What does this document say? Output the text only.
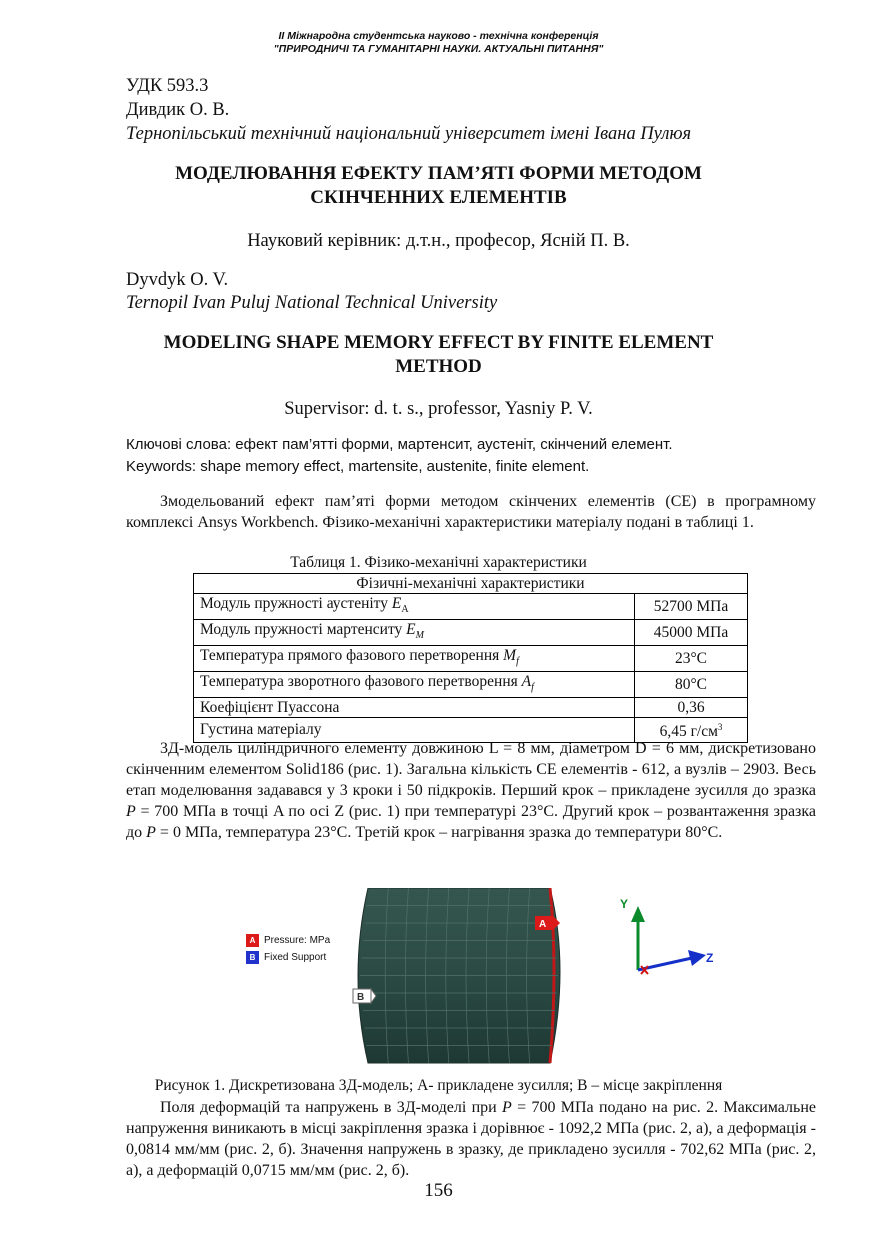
II Міжнародна студентська науково - технічна конференція
"ПРИРОДНИЧІ ТА ГУМАНІТАРНІ НАУКИ. АКТУАЛЬНІ ПИТАННЯ"
УДК 593.3
Дивдик О. В.
Тернопільський технічний національний університет імені Івана Пулюя
МОДЕЛЮВАННЯ ЕФЕКТУ ПАМ’ЯТІ ФОРМИ МЕТОДОМ
СКІНЧЕННИХ ЕЛЕМЕНТІВ
Науковий керівник: д.т.н., професор, Ясній П. В.
Dyvdyk O. V.
Ternopil Ivan Puluj National Technical University
MODELING SHAPE MEMORY EFFECT BY FINITE ELEMENT
METHOD
Supervisor: d. t. s., professor, Yasniy P. V.
Ключові слова: ефект пам’ятті форми, мартенсит, аустеніт, скінчений елемент.
Keywords: shape memory effect, martensite, austenite, finite element.

Змодельований ефект пам’яті форми методом скінчених елементів (СЕ) в програмному комплексі Ansys Workbench. Фізико-механічні характеристики матеріалу подані в таблиці 1.

Таблиця 1. Фізико-механічні характеристики
Фізичні-механічні характеристики	
Модуль пружності аустеніту $E_A$	52700 МПа
Модуль пружності мартенситу $E_M$	45000 МПа
Температура прямого фазового перетворення $M_f$	23°C
Температура зворотного фазового перетворення $A_f$	80°C
Коефіцієнт Пуассона	0,36
Густина матеріалу	6,45 $г/см^3$

3Д-модель циліндричного елементу довжиною L = 8 мм, діаметром D = 6 мм, дискретизовано скінченним елементом Solid186 (рис. 1). Загальна кількість СЕ елементів - 612, а вузлів – 2903. Весь етап моделювання задавався у 3 кроки і 50 підкроків. Перший крок – прикладене зусилля до зразка P = 700 МПа в точці A по осі Z (рис. 1) при температурі 23°C. Другий крок – розвантаження зразка до P = 0 МПа, температура 23°C. Третій крок – нагрівання зразка до температури 80°C.

A Pressure: MPa
B Fixed Support
A
B
Y
Z
Рисунок 1. Дискретизована 3Д-модель; А- прикладене зусилля; В – місце закріплення

Поля деформацій та напружень в 3Д-моделі при P = 700 МПа подано на рис. 2. Максимальне напруження виникають в місці закріплення зразка і дорівнює - 1092,2 МПа (рис. 2, а), а деформація - 0,0814 мм/мм (рис. 2, б). Значення напружень в зразку, де прикладено зусилля - 702,62 МПа (рис. 2, а), а деформацій 0,0715 мм/мм (рис. 2, б).

156
